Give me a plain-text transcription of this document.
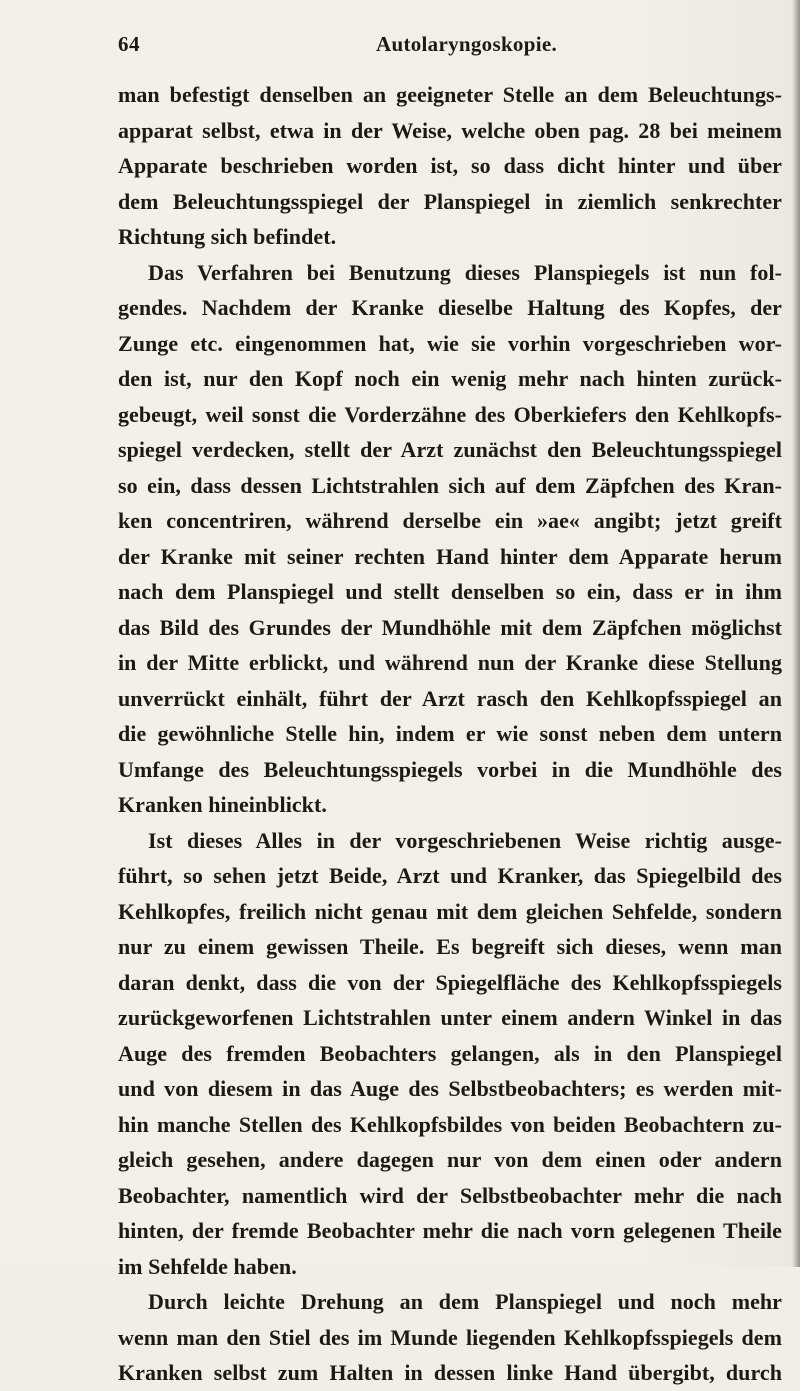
64	Autolaryngoskopie.
man befestigt denselben an geeigneter Stelle an dem Beleuchtungs-
apparat selbst, etwa in der Weise, welche oben pag. 28 bei meinem
Apparate beschrieben worden ist, so dass dicht hinter und über
dem Beleuchtungsspiegel der Planspiegel in ziemlich senkrechter
Richtung sich befindet.
Das Verfahren bei Benutzung dieses Planspiegels ist nun fol-
gendes. Nachdem der Kranke dieselbe Haltung des Kopfes, der
Zunge etc. eingenommen hat, wie sie vorhin vorgeschrieben wor-
den ist, nur den Kopf noch ein wenig mehr nach hinten zurück-
gebeugt, weil sonst die Vorderzähne des Oberkiefers den Kehlkopfs-
spiegel verdecken, stellt der Arzt zunächst den Beleuchtungsspiegel
so ein, dass dessen Lichtstrahlen sich auf dem Zäpfchen des Kran-
ken concentriren, während derselbe ein »ae« angibt; jetzt greift
der Kranke mit seiner rechten Hand hinter dem Apparate herum
nach dem Planspiegel und stellt denselben so ein, dass er in ihm
das Bild des Grundes der Mundhöhle mit dem Zäpfchen möglichst
in der Mitte erblickt, und während nun der Kranke diese Stellung
unverrückt einhält, führt der Arzt rasch den Kehlkopfsspiegel an
die gewöhnliche Stelle hin, indem er wie sonst neben dem untern
Umfange des Beleuchtungsspiegels vorbei in die Mundhöhle des
Kranken hineinblickt.
Ist dieses Alles in der vorgeschriebenen Weise richtig ausge-
führt, so sehen jetzt Beide, Arzt und Kranker, das Spiegelbild des
Kehlkopfes, freilich nicht genau mit dem gleichen Sehfelde, sondern
nur zu einem gewissen Theile. Es begreift sich dieses, wenn man
daran denkt, dass die von der Spiegelfläche des Kehlkopfsspiegels
zurückgeworfenen Lichtstrahlen unter einem andern Winkel in das
Auge des fremden Beobachters gelangen, als in den Planspiegel
und von diesem in das Auge des Selbstbeobachters; es werden mit-
hin manche Stellen des Kehlkopfsbildes von beiden Beobachtern zu-
gleich gesehen, andere dagegen nur von dem einen oder andern
Beobachter, namentlich wird der Selbstbeobachter mehr die nach
hinten, der fremde Beobachter mehr die nach vorn gelegenen Theile
im Sehfelde haben.
Durch leichte Drehung an dem Planspiegel und noch mehr
wenn man den Stiel des im Munde liegenden Kehlkopfsspiegels dem
Kranken selbst zum Halten in dessen linke Hand übergibt, durch
